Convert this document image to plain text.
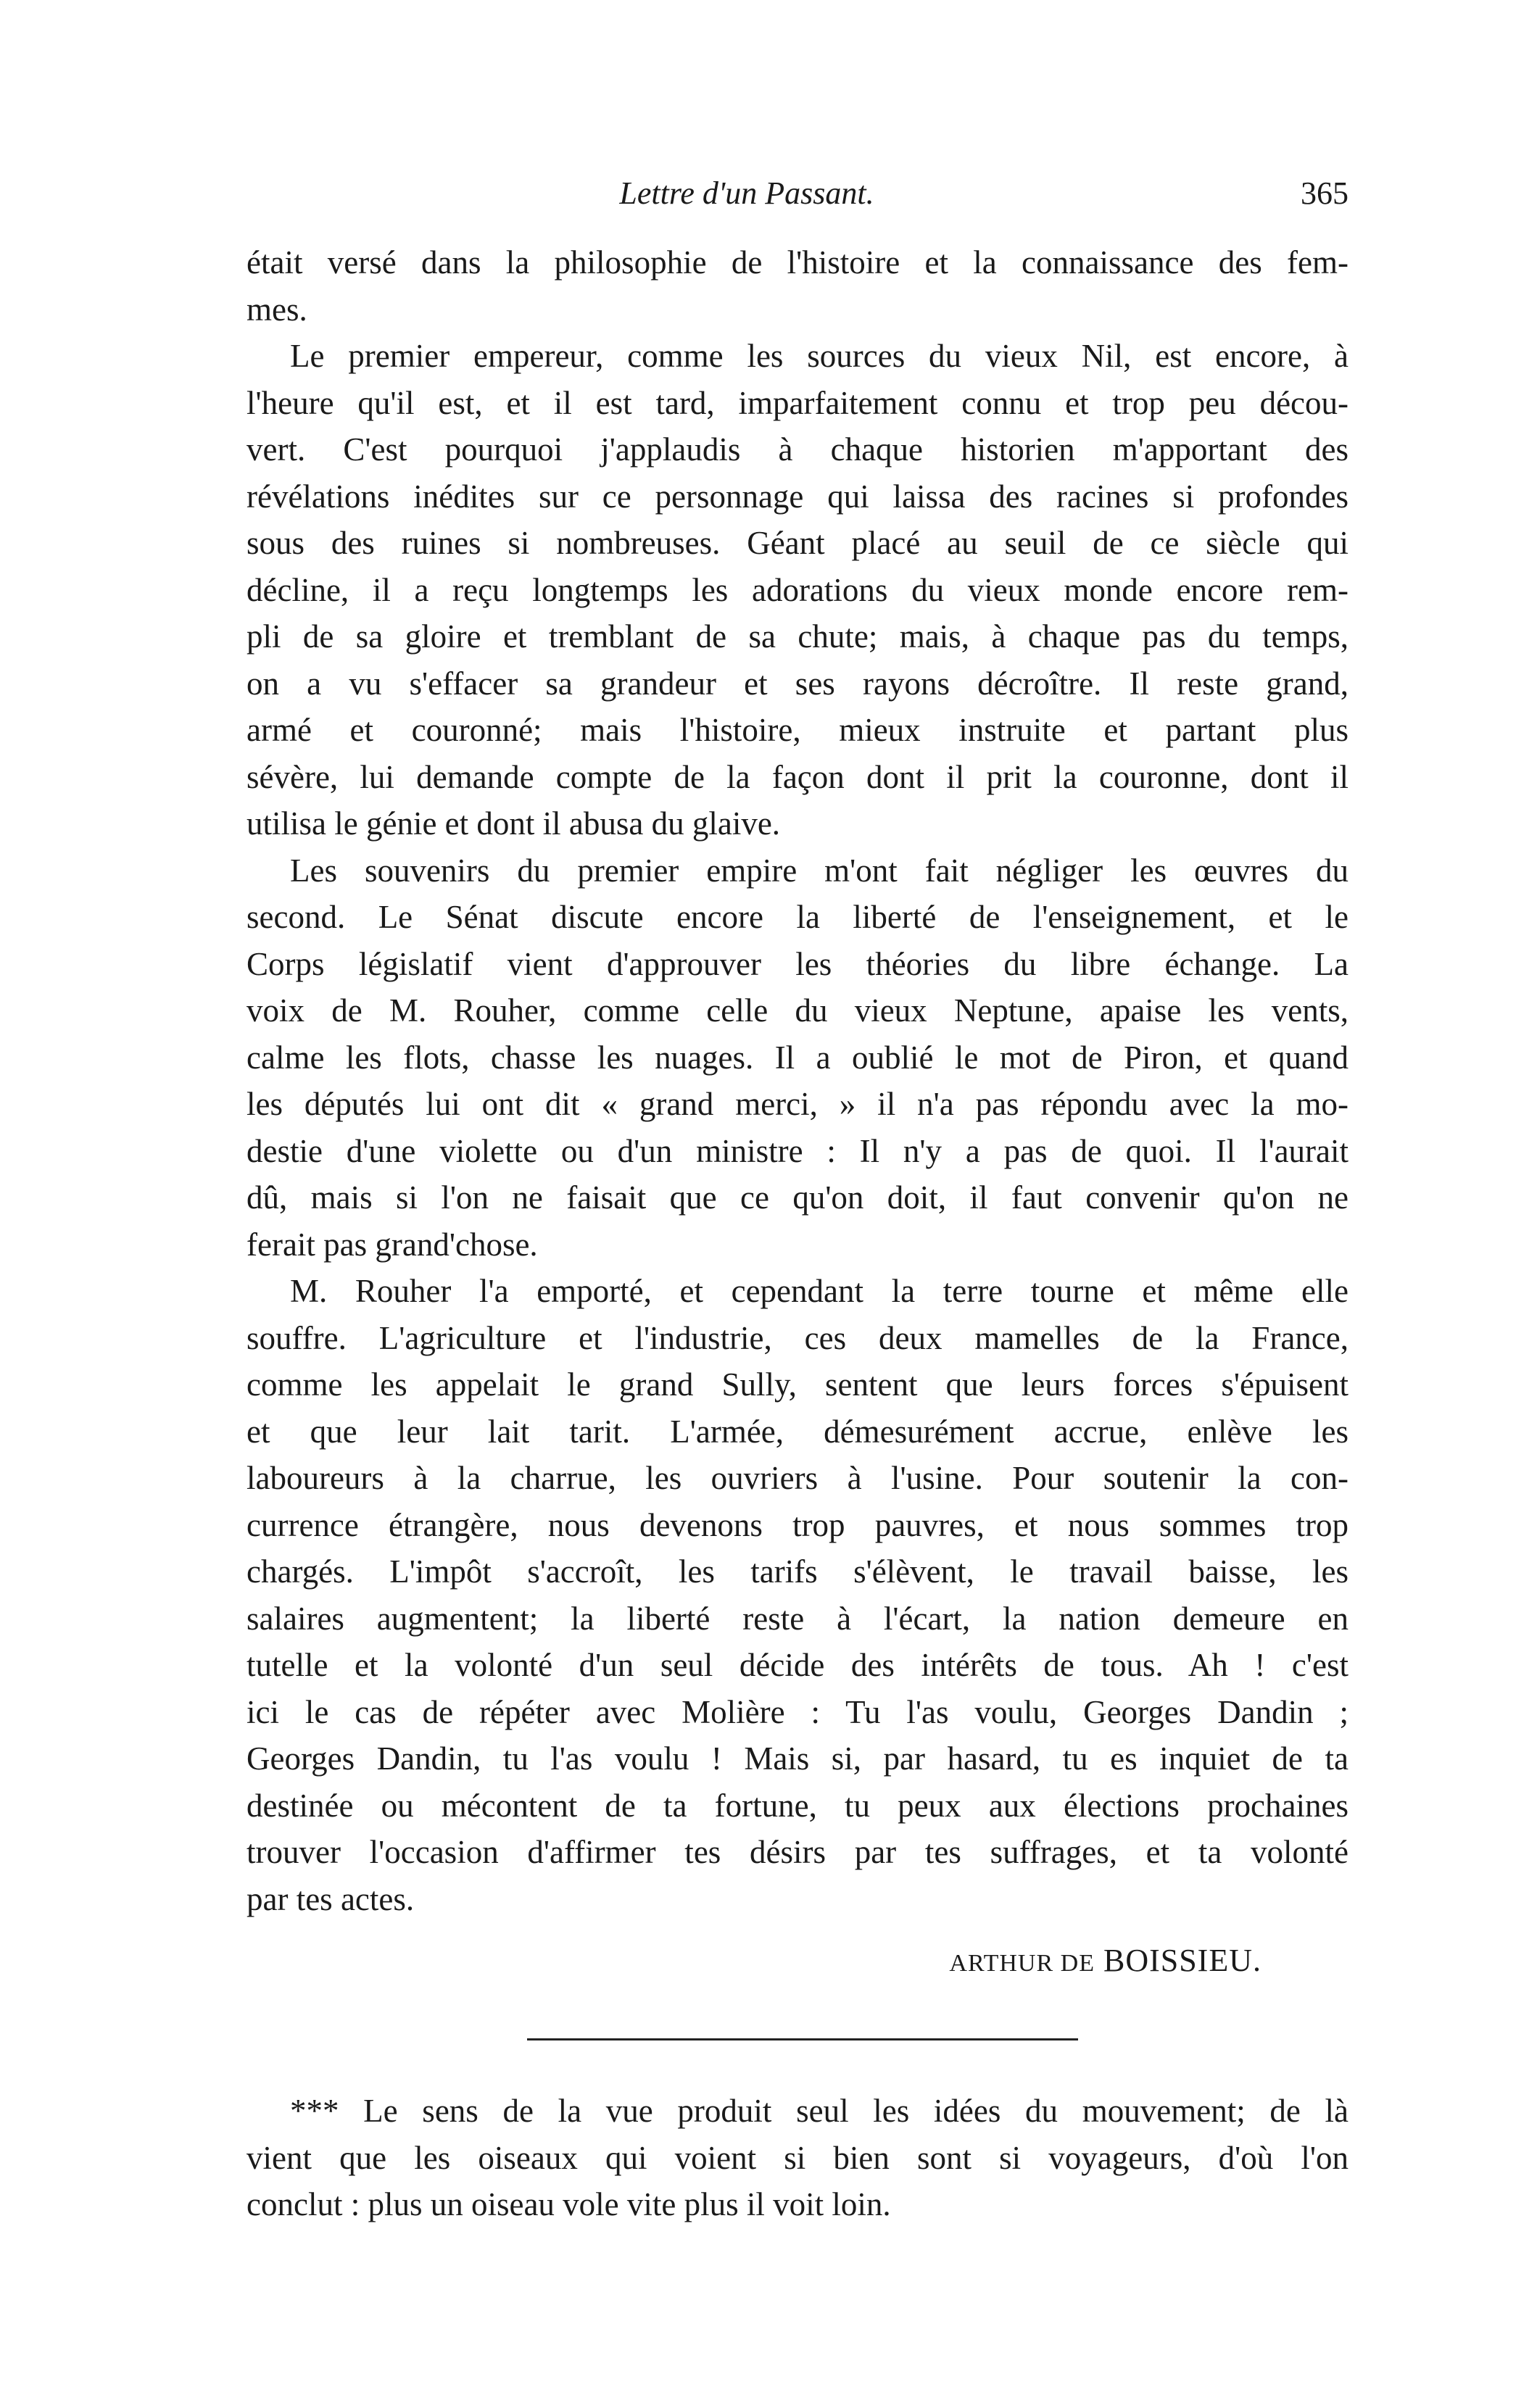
Lettre d'un Passant.	365

était versé dans la philosophie de l'histoire et la connaissance des fem-
mes.

Le premier empereur, comme les sources du vieux Nil, est encore, à
l'heure qu'il est, et il est tard, imparfaitement connu et trop peu décou-
vert. C'est pourquoi j'applaudis à chaque historien m'apportant des
révélations inédites sur ce personnage qui laissa des racines si profondes
sous des ruines si nombreuses. Géant placé au seuil de ce siècle qui
décline, il a reçu longtemps les adorations du vieux monde encore rem-
pli de sa gloire et tremblant de sa chute; mais, à chaque pas du temps,
on a vu s'effacer sa grandeur et ses rayons décroître. Il reste grand,
armé et couronné; mais l'histoire, mieux instruite et partant plus
sévère, lui demande compte de la façon dont il prit la couronne, dont il
utilisa le génie et dont il abusa du glaive.

Les souvenirs du premier empire m'ont fait négliger les œuvres du
second. Le Sénat discute encore la liberté de l'enseignement, et le
Corps législatif vient d'approuver les théories du libre échange. La
voix de M. Rouher, comme celle du vieux Neptune, apaise les vents,
calme les flots, chasse les nuages. Il a oublié le mot de Piron, et quand
les députés lui ont dit « grand merci, » il n'a pas répondu avec la mo-
destie d'une violette ou d'un ministre : Il n'y a pas de quoi. Il l'aurait
dû, mais si l'on ne faisait que ce qu'on doit, il faut convenir qu'on ne
ferait pas grand'chose.

M. Rouher l'a emporté, et cependant la terre tourne et même elle
souffre. L'agriculture et l'industrie, ces deux mamelles de la France,
comme les appelait le grand Sully, sentent que leurs forces s'épuisent
et que leur lait tarit. L'armée, démesurément accrue, enlève les
laboureurs à la charrue, les ouvriers à l'usine. Pour soutenir la con-
currence étrangère, nous devenons trop pauvres, et nous sommes trop
chargés. L'impôt s'accroît, les tarifs s'élèvent, le travail baisse, les
salaires augmentent; la liberté reste à l'écart, la nation demeure en
tutelle et la volonté d'un seul décide des intérêts de tous. Ah ! c'est
ici le cas de répéter avec Molière : Tu l'as voulu, Georges Dandin ;
Georges Dandin, tu l'as voulu ! Mais si, par hasard, tu es inquiet de ta
destinée ou mécontent de ta fortune, tu peux aux élections prochaines
trouver l'occasion d'affirmer tes désirs par tes suffrages, et ta volonté
par tes actes.

ARTHUR DE BOISSIEU.

*** Le sens de la vue produit seul les idées du mouvement; de là
vient que les oiseaux qui voient si bien sont si voyageurs, d'où l'on
conclut : plus un oiseau vole vite plus il voit loin.
